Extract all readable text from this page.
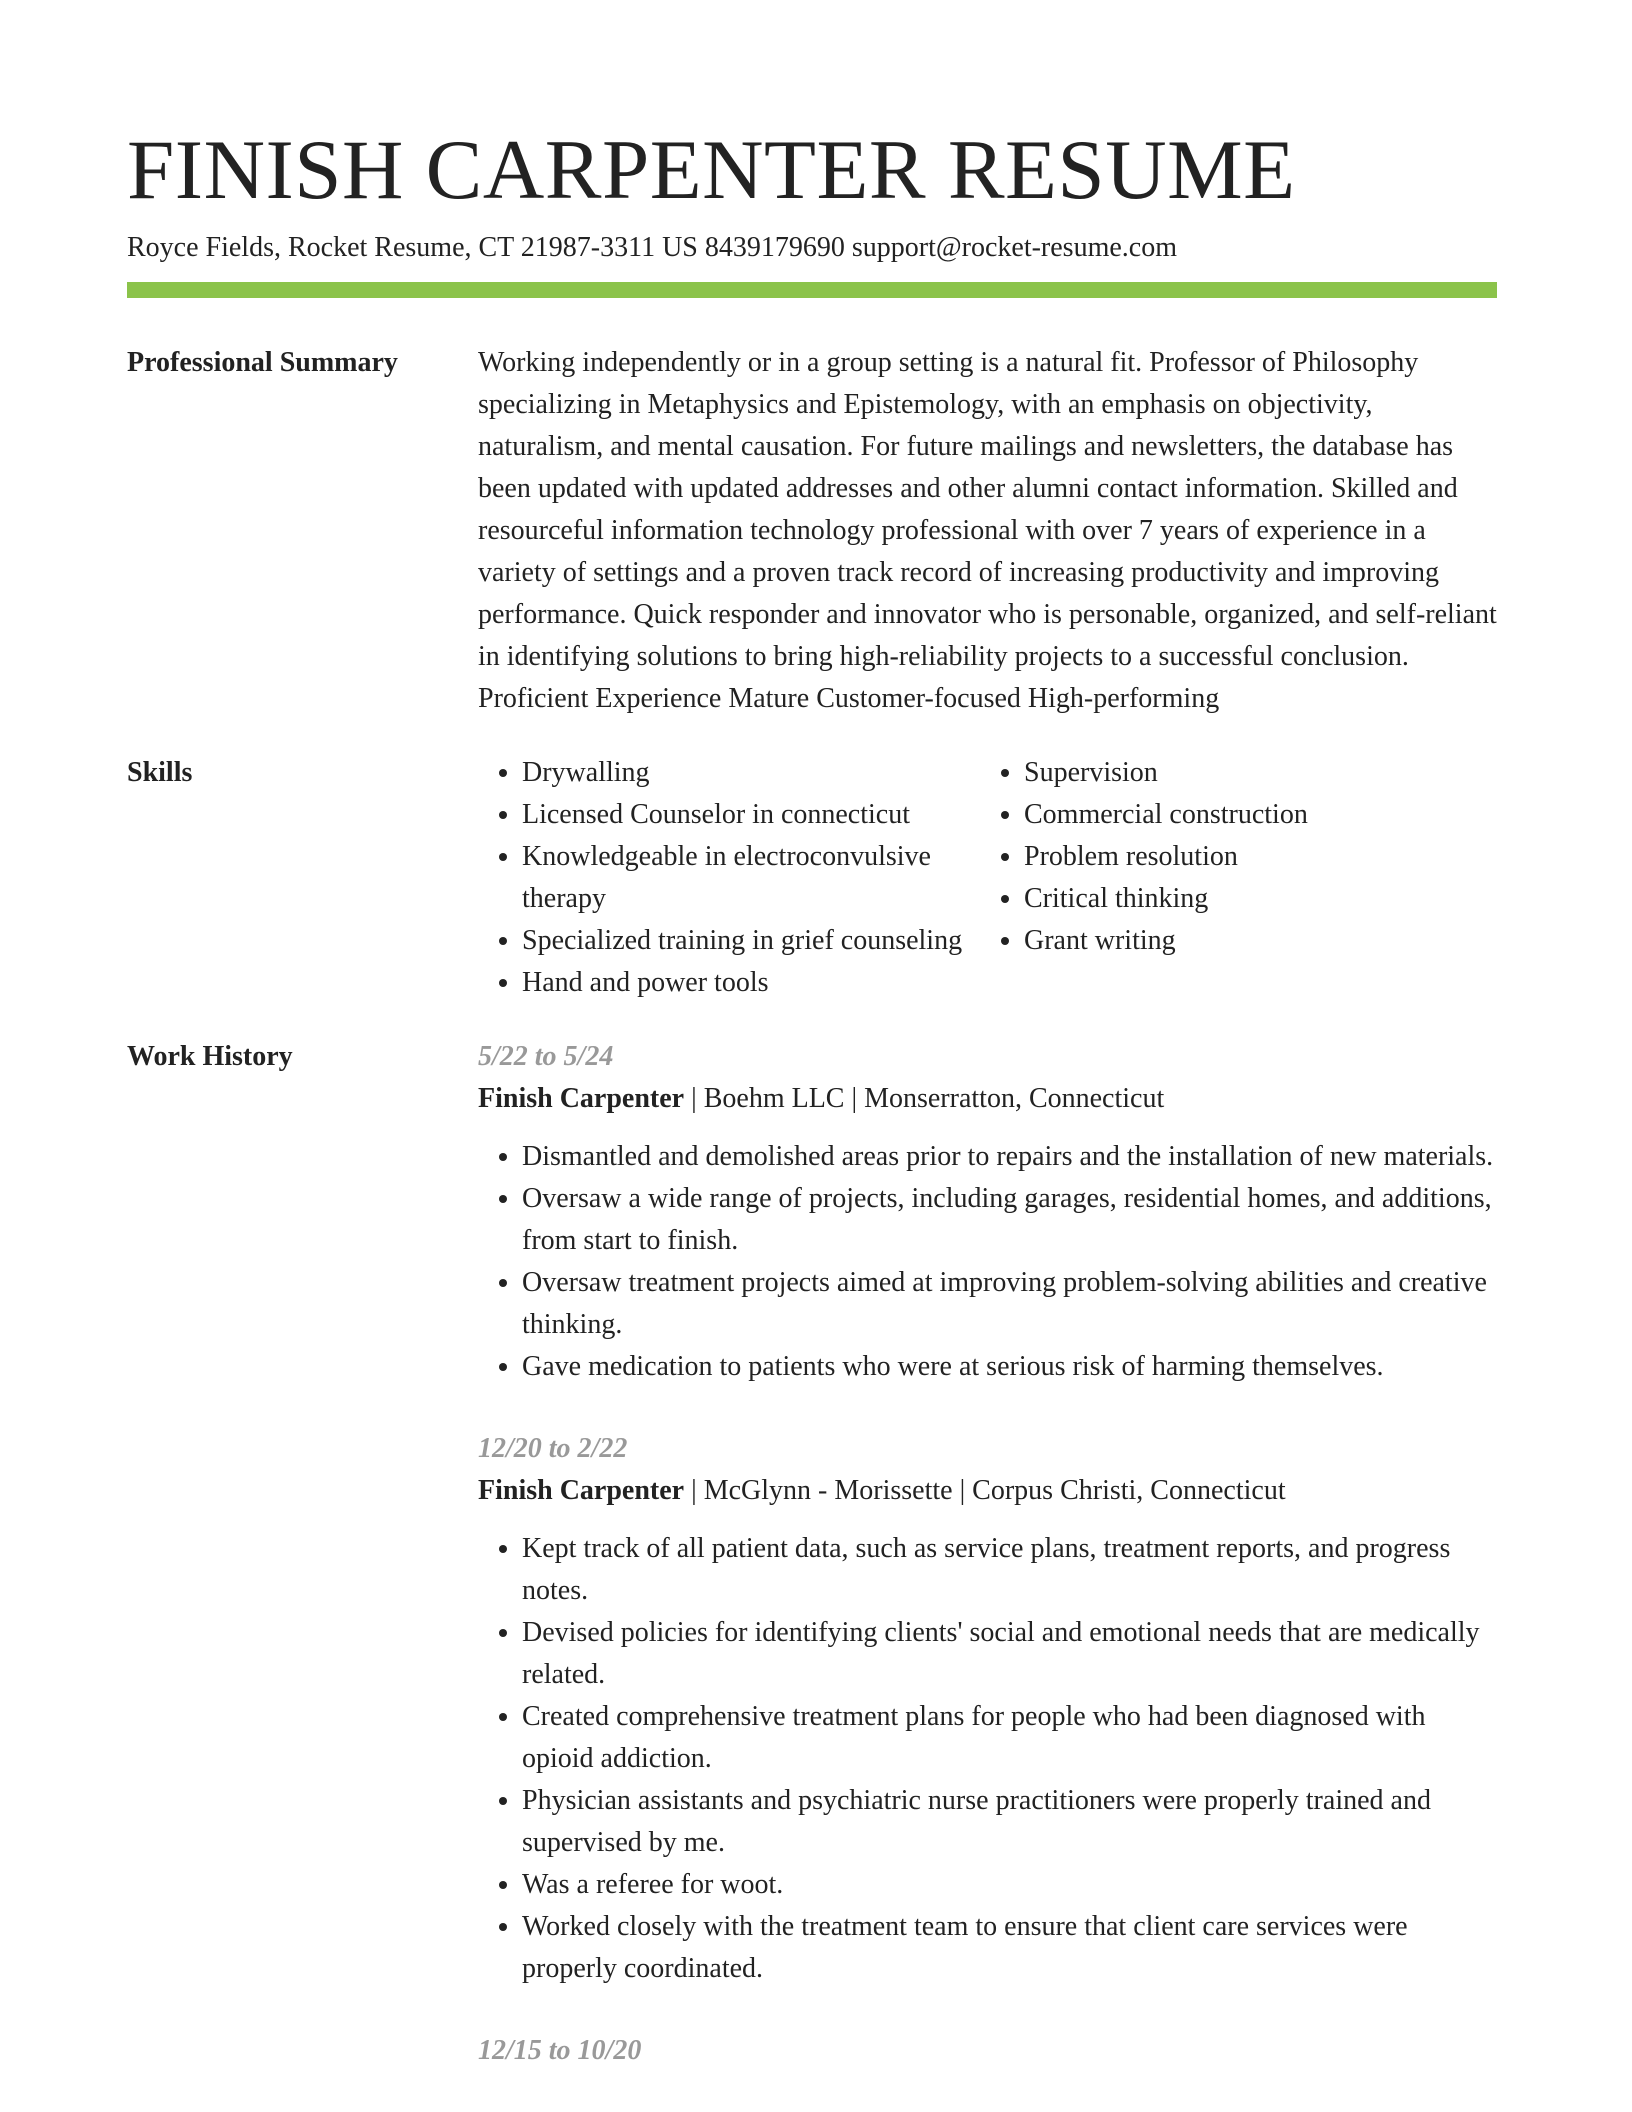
FINISH CARPENTER RESUME
Royce Fields, Rocket Resume, CT 21987-3311 US 8439179690 support@rocket-resume.com
Professional Summary	Working independently or in a group setting is a natural fit. Professor of Philosophy specializing in Metaphysics and Epistemology, with an emphasis on objectivity, naturalism, and mental causation. For future mailings and newsletters, the database has been updated with updated addresses and other alumni contact information. Skilled and resourceful information technology professional with over 7 years of experience in a variety of settings and a proven track record of increasing productivity and improving performance. Quick responder and innovator who is personable, organized, and self-reliant in identifying solutions to bring high-reliability projects to a successful conclusion. Proficient Experience Mature Customer-focused High-performing

Skills
•	Drywalling
• Licensed Counselor in connecticut
• Knowledgeable in electroconvulsive therapy
• Specialized training in grief counseling
• Hand and power tools
• Supervision
• Commercial construction
• Problem resolution
• Critical thinking
• Grant writing
Work History	5/22 to 5/24
Finish Carpenter | Boehm LLC | Monserratton, Connecticut
• Dismantled and demolished areas prior to repairs and the installation of new materials.
• Oversaw a wide range of projects, including garages, residential homes, and additions, from start to finish.
• Oversaw treatment projects aimed at improving problem-solving abilities and creative thinking.
• Gave medication to patients who were at serious risk of harming themselves.
12/20 to 2/22
Finish Carpenter | McGlynn - Morissette | Corpus Christi, Connecticut
• Kept track of all patient data, such as service plans, treatment reports, and progress notes.
• Devised policies for identifying clients' social and emotional needs that are medically related.
• Created comprehensive treatment plans for people who had been diagnosed with opioid addiction.
• Physician assistants and psychiatric nurse practitioners were properly trained and supervised by me.
• Was a referee for woot.
• Worked closely with the treatment team to ensure that client care services were properly coordinated.
12/15 to 10/20
